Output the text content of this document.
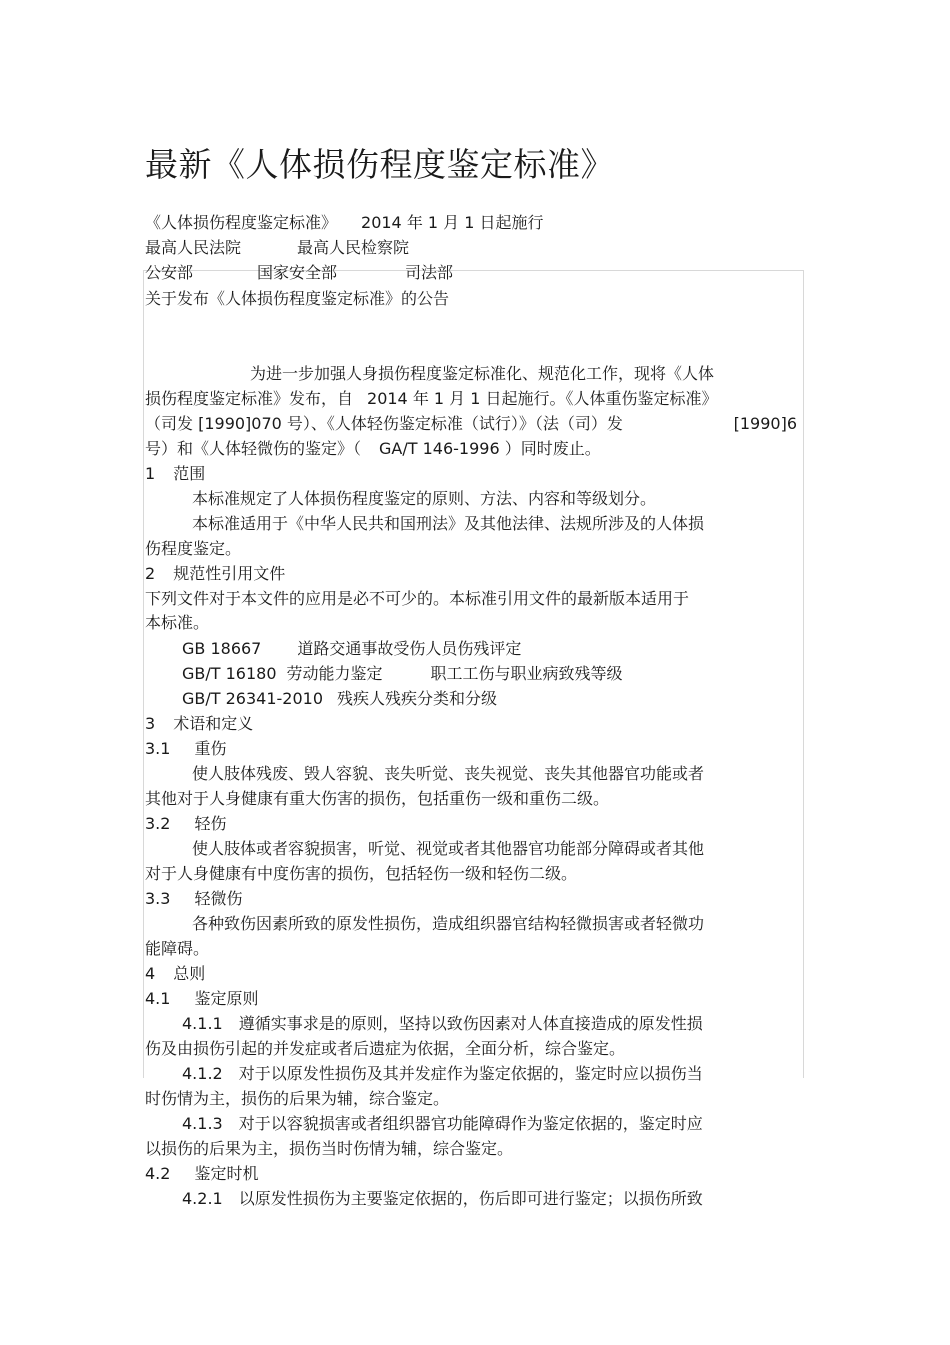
最新《人体损伤程度鉴定标准》
《人体损伤程度鉴定标准》 2014 年 1 月 1 日起施行
最高人民法院	最高人民检察院
公安部	国家安全部	司法部
关于发布《人体损伤程度鉴定标准》的公告
为进一步加强人身损伤程度鉴定标准化、规范化工作，现将《人体
损伤程度鉴定标准》发布，自 2014 年 1 月 1 日起施行。《人体重伤鉴定标准》
（司发 [1990]070 号）、《人体轻伤鉴定标准（试行）》（法（司）发	[1990]6
号）和《人体轻微伤的鉴定》（ GA/T 146-1996 ）同时废止。
1 范围
本标准规定了人体损伤程度鉴定的原则、方法、内容和等级划分。
本标准适用于《中华人民共和国刑法》及其他法律、法规所涉及的人体损
伤程度鉴定。
2 规范性引用文件
下列文件对于本文件的应用是必不可少的。本标准引用文件的最新版本适用于
本标准。
GB 18667 道路交通事故受伤人员伤残评定
GB/T 16180 劳动能力鉴定	职工工伤与职业病致残等级
GB/T 26341-2010 残疾人残疾分类和分级
3 术语和定义
3.1 重伤
使人肢体残废、毁人容貌、丧失听觉、丧失视觉、丧失其他器官功能或者
其他对于人身健康有重大伤害的损伤，包括重伤一级和重伤二级。
3.2 轻伤
使人肢体或者容貌损害，听觉、视觉或者其他器官功能部分障碍或者其他
对于人身健康有中度伤害的损伤，包括轻伤一级和轻伤二级。
3.3 轻微伤
各种致伤因素所致的原发性损伤，造成组织器官结构轻微损害或者轻微功
能障碍。
4 总则
4.1 鉴定原则
4.1.1 遵循实事求是的原则，坚持以致伤因素对人体直接造成的原发性损
伤及由损伤引起的并发症或者后遗症为依据，全面分析，综合鉴定。
4.1.2 对于以原发性损伤及其并发症作为鉴定依据的，鉴定时应以损伤当
时伤情为主，损伤的后果为辅，综合鉴定。
4.1.3 对于以容貌损害或者组织器官功能障碍作为鉴定依据的，鉴定时应
以损伤的后果为主，损伤当时伤情为辅，综合鉴定。
4.2 鉴定时机
4.2.1 以原发性损伤为主要鉴定依据的，伤后即可进行鉴定；以损伤所致
